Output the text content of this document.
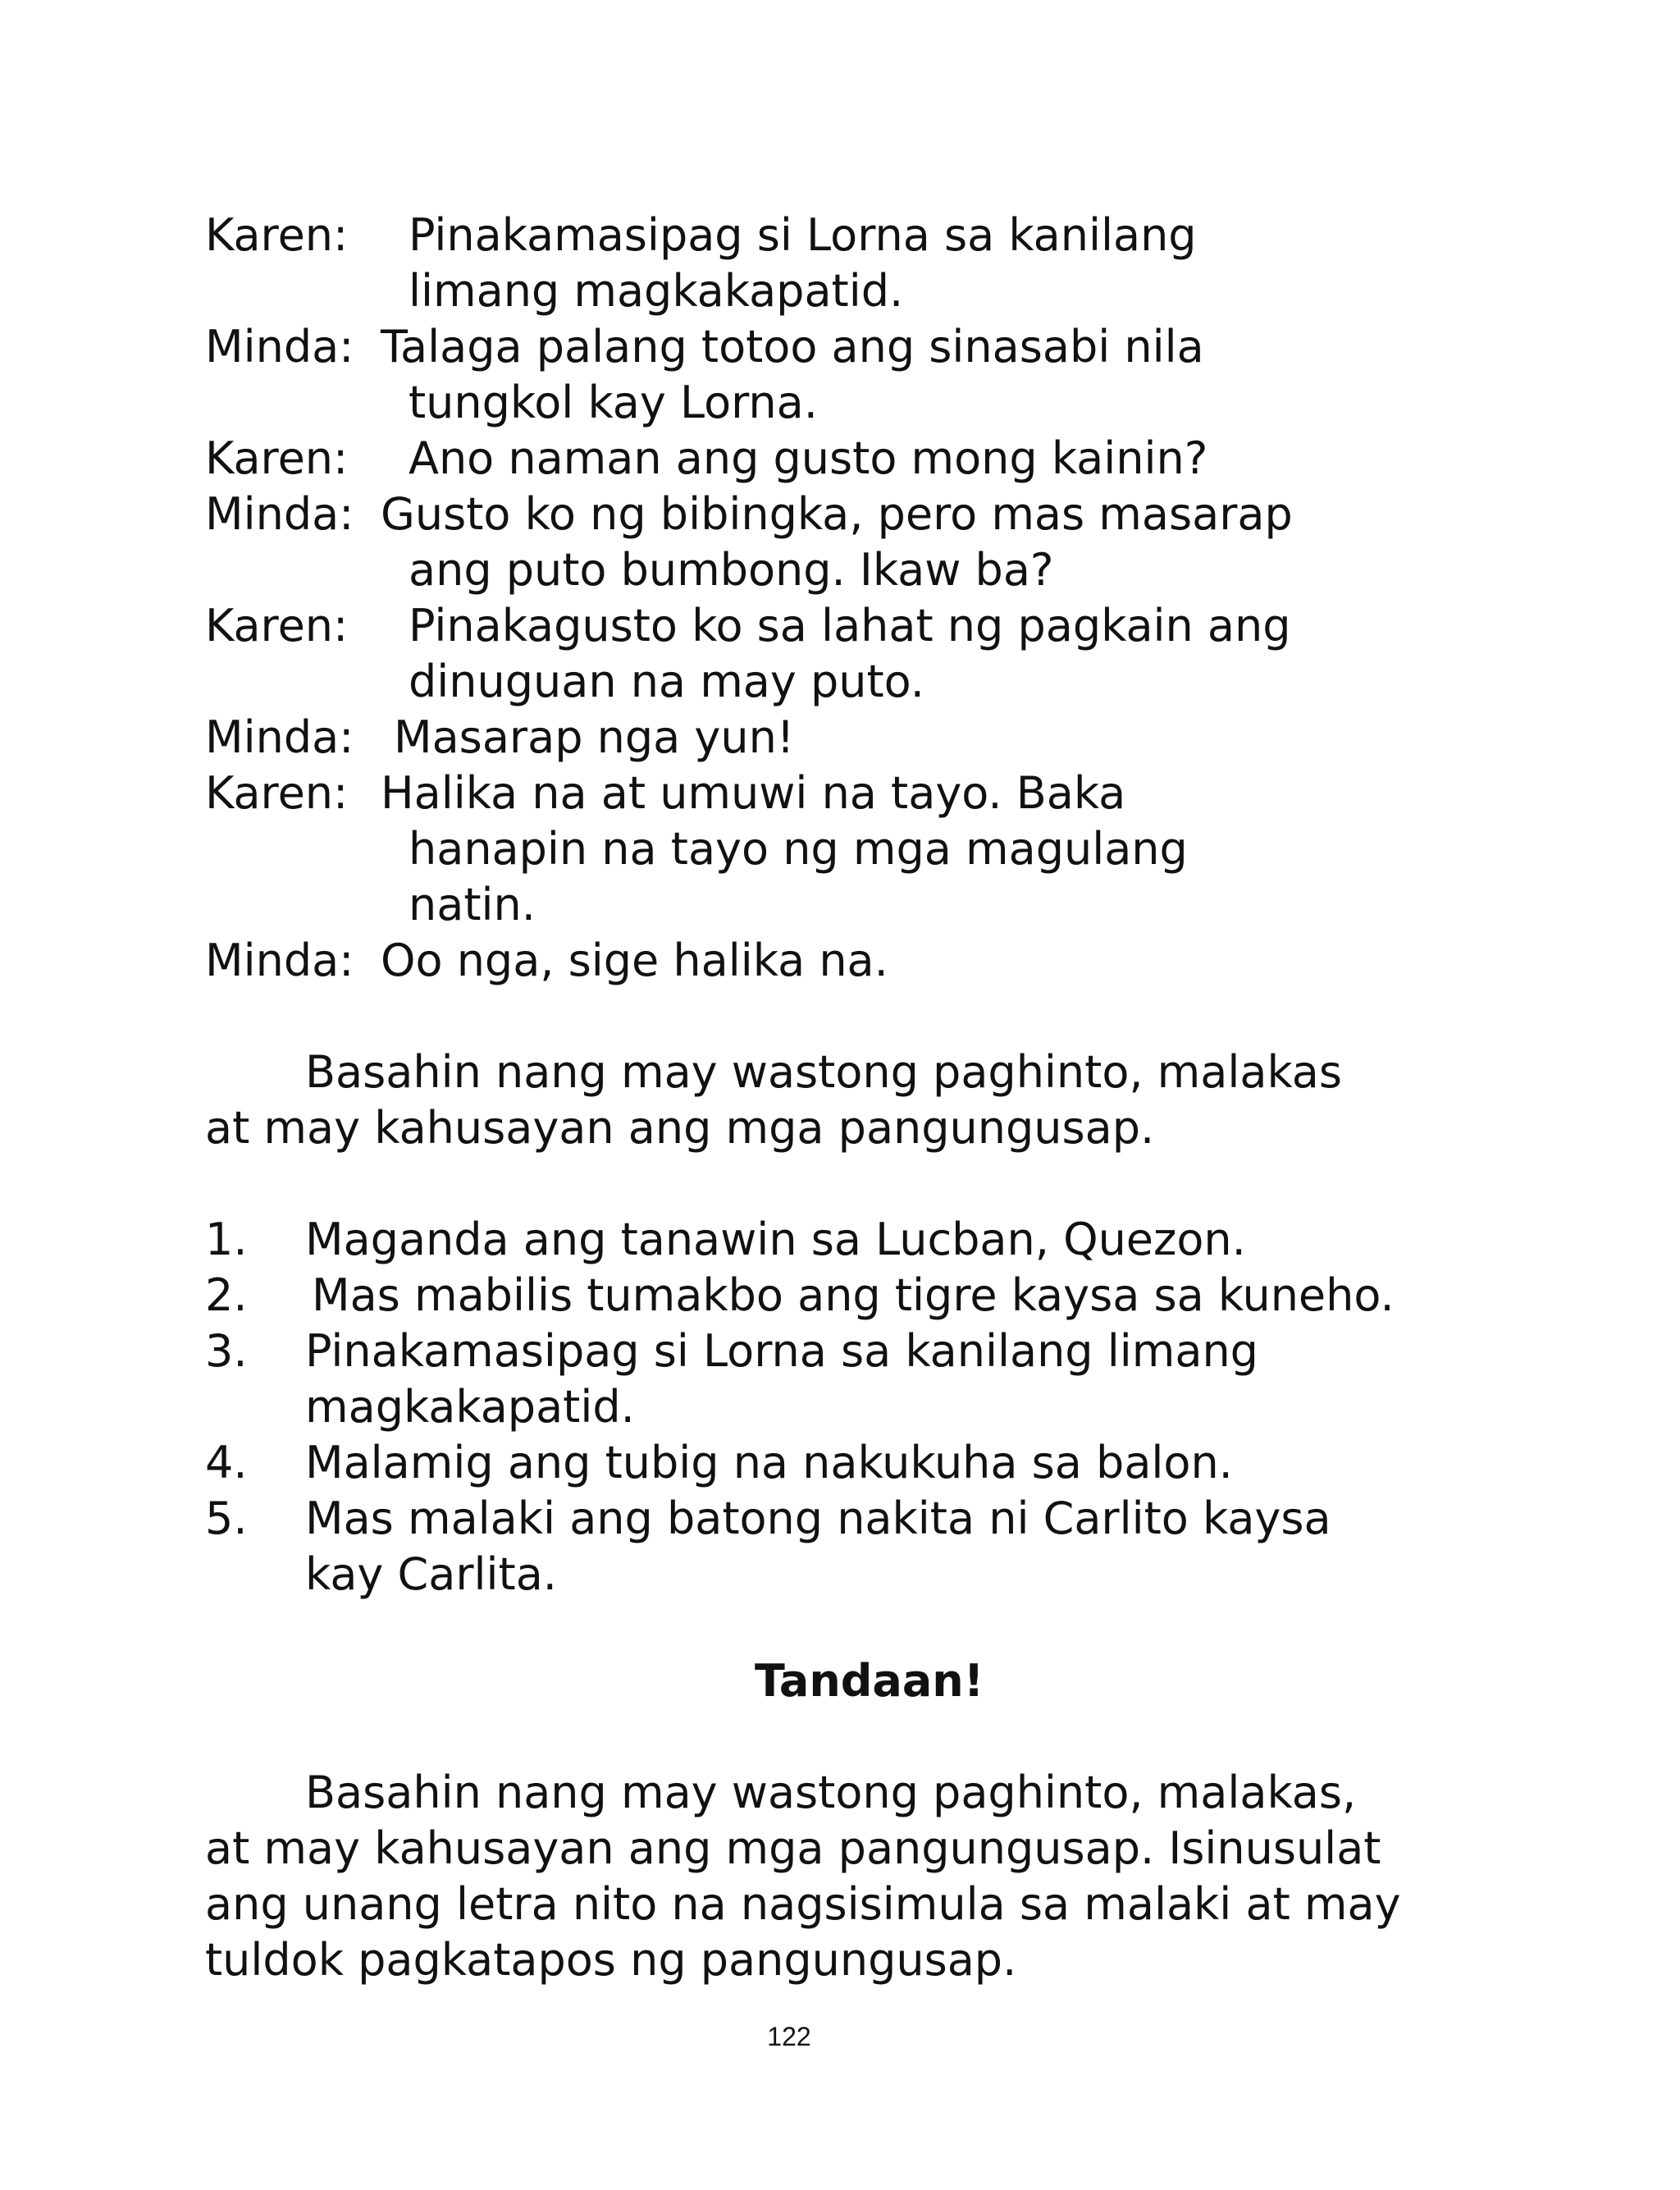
Karen: Pinakamasipag si Lorna sa kanilang
limang magkakapatid.
Minda: Talaga palang totoo ang sinasabi nila
tungkol kay Lorna.
Karen: Ano naman ang gusto mong kainin?
Minda: Gusto ko ng bibingka, pero mas masarap
ang puto bumbong. Ikaw ba?
Karen: Pinakagusto ko sa lahat ng pagkain ang
dinuguan na may puto.
Minda: Masarap nga yun!
Karen: Halika na at umuwi na tayo. Baka
hanapin na tayo ng mga magulang
natin.
Minda: Oo nga, sige halika na.
Basahin nang may wastong paghinto, malakas
at may kahusayan ang mga pangungusap.
1. Maganda ang tanawin sa Lucban, Quezon.
2. Mas mabilis tumakbo ang tigre kaysa sa kuneho.
3. Pinakamasipag si Lorna sa kanilang limang
magkakapatid.
4. Malamig ang tubig na nakukuha sa balon.
5. Mas malaki ang batong nakita ni Carlito kaysa
kay Carlita.
Tandaan!
Basahin nang may wastong paghinto, malakas,
at may kahusayan ang mga pangungusap. Isinusulat
ang unang letra nito na nagsisimula sa malaki at may
tuldok pagkatapos ng pangungusap.
122
